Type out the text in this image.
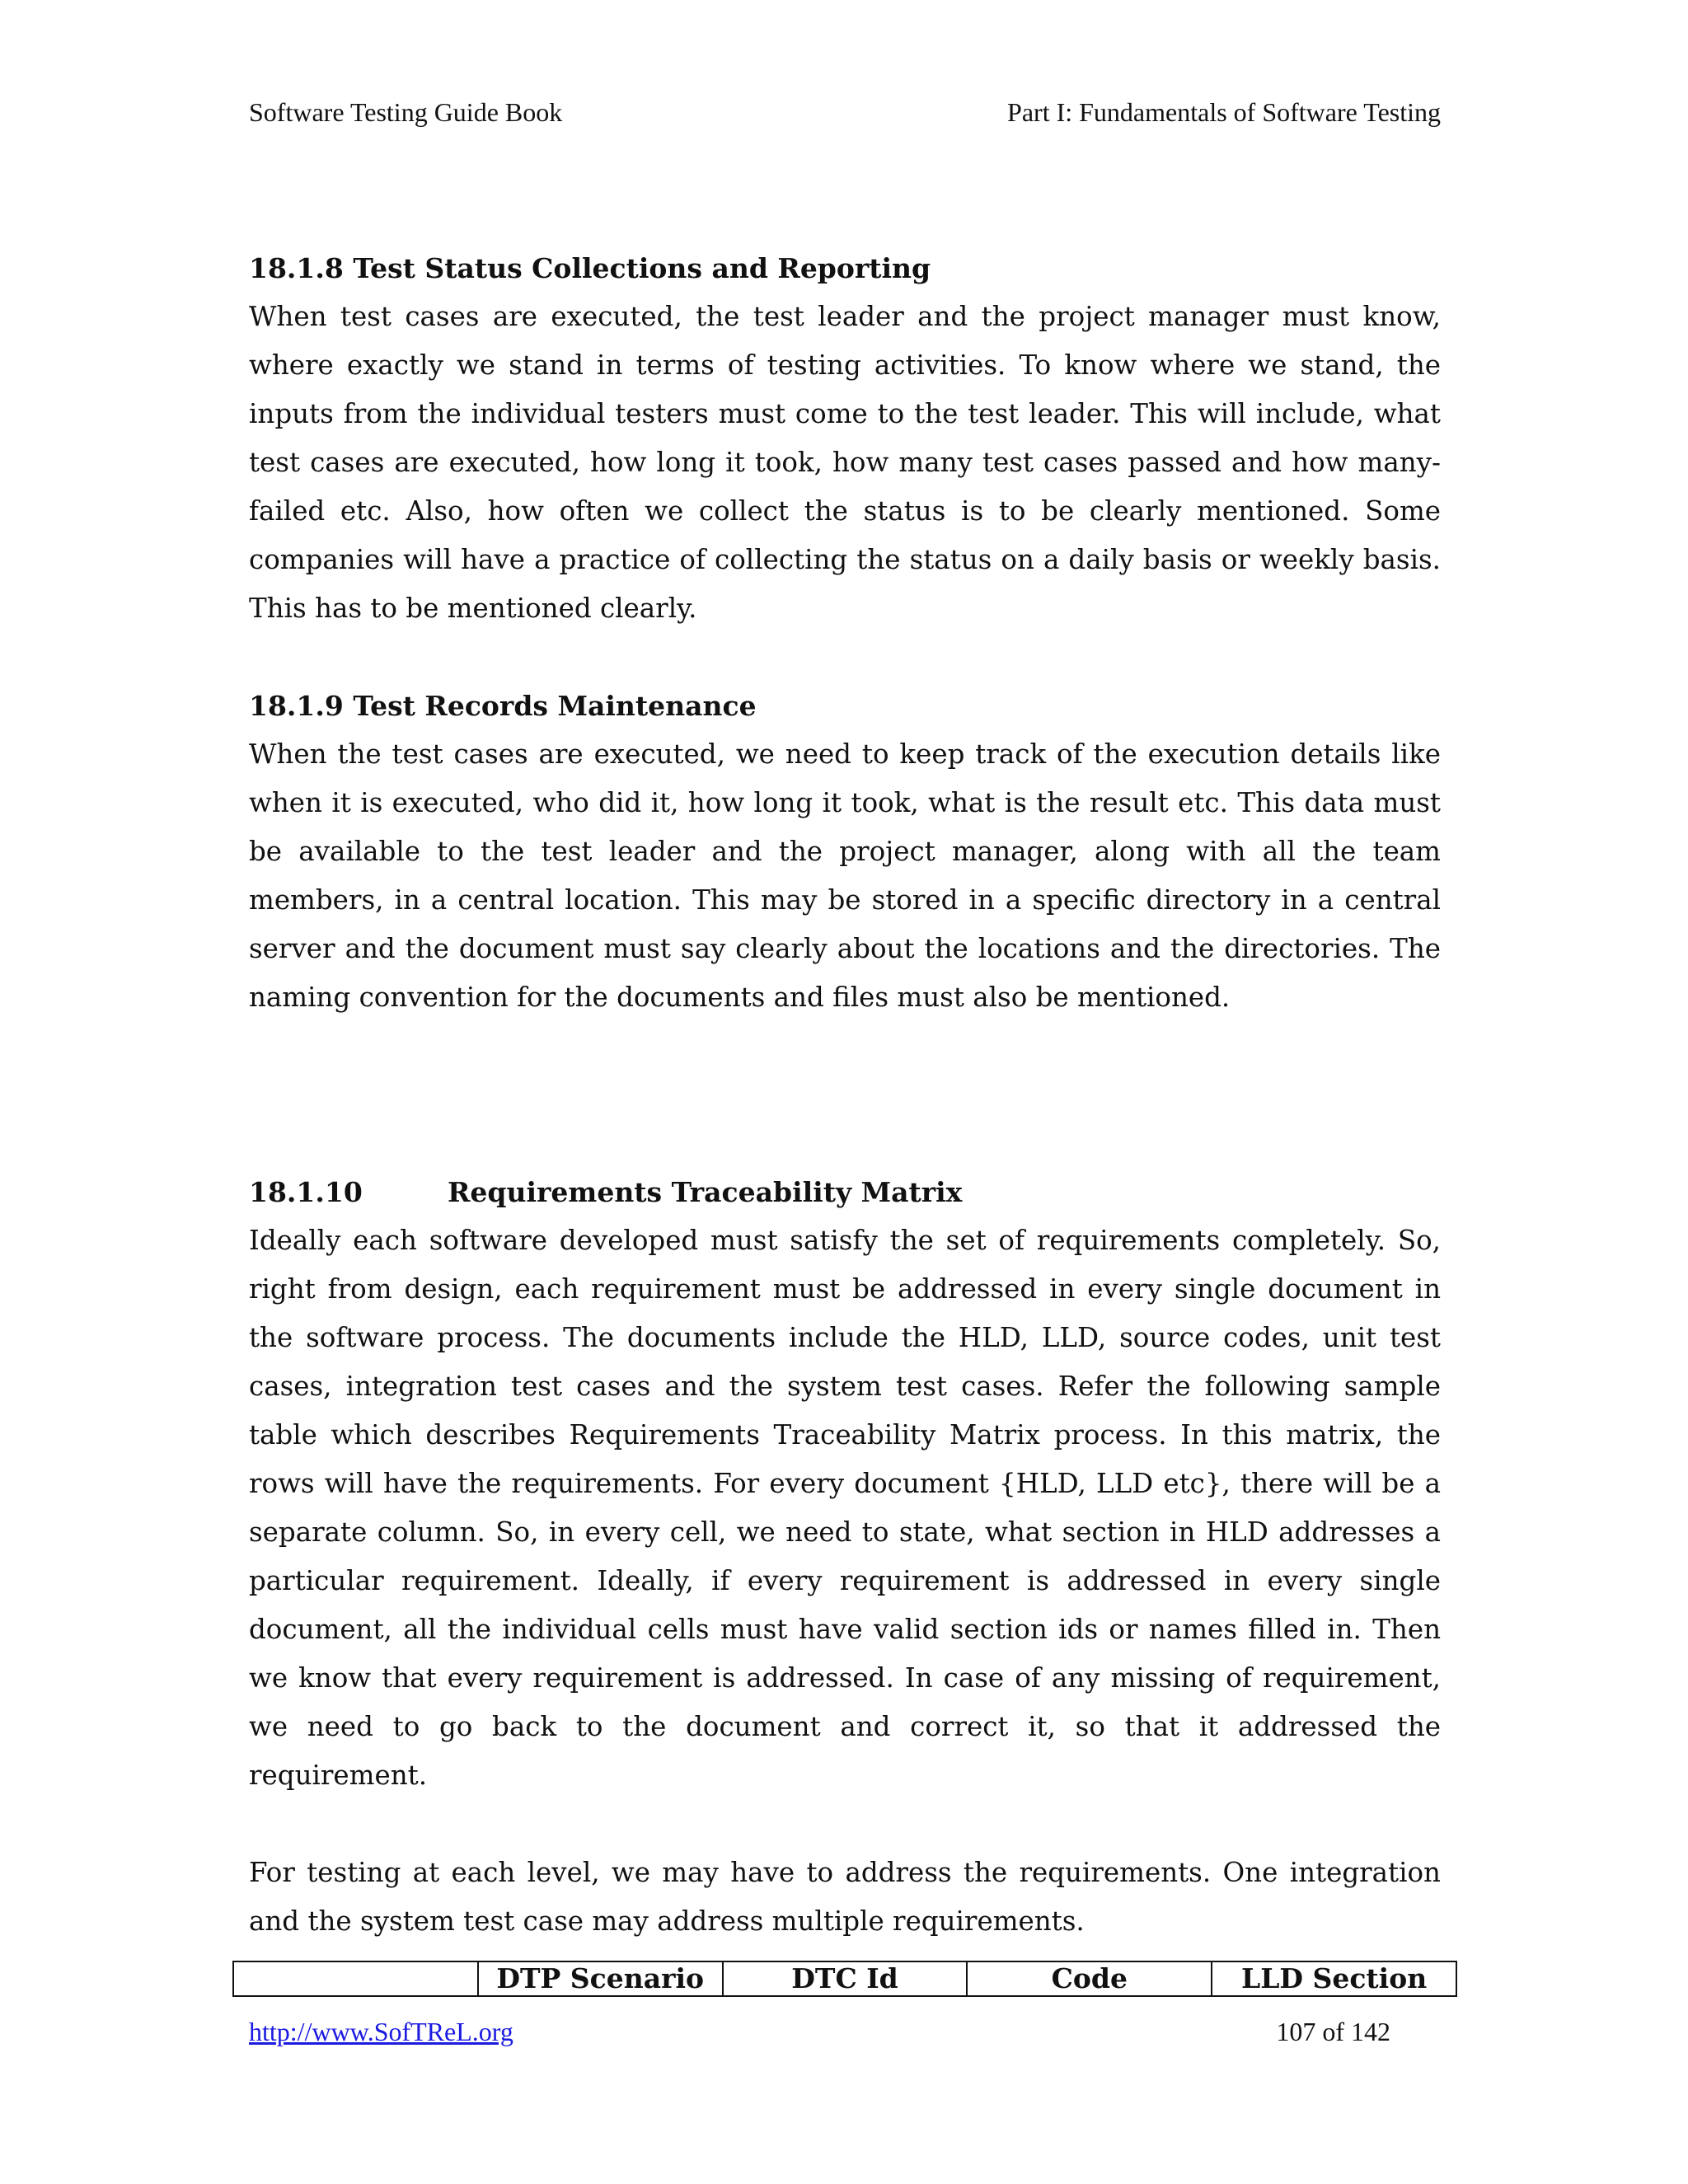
Software Testing Guide Book	Part I: Fundamentals of Software Testing
18.1.8 Test Status Collections and Reporting

When test cases are executed, the test leader and the project manager must know, where exactly we stand in terms of testing activities. To know where we stand, the inputs from the individual testers must come to the test leader. This will include, what test cases are executed, how long it took, how many test cases passed and how many-failed etc. Also, how often we collect the status is to be clearly mentioned. Some companies will have a practice of collecting the status on a daily basis or weekly basis. This has to be mentioned clearly.

18.1.9 Test Records Maintenance

When the test cases are executed, we need to keep track of the execution details like when it is executed, who did it, how long it took, what is the result etc. This data must be available to the test leader and the project manager, along with all the team members, in a central location. This may be stored in a specific directory in a central server and the document must say clearly about the locations and the directories. The naming convention for the documents and files must also be mentioned.

18.1.10	Requirements Traceability Matrix

Ideally each software developed must satisfy the set of requirements completely. So, right from design, each requirement must be addressed in every single document in the software process. The documents include the HLD, LLD, source codes, unit test cases, integration test cases and the system test cases. Refer the following sample table which describes Requirements Traceability Matrix process. In this matrix, the rows will have the requirements. For every document {HLD, LLD etc}, there will be a separate column. So, in every cell, we need to state, what section in HLD addresses a particular requirement. Ideally, if every requirement is addressed in every single document, all the individual cells must have valid section ids or names filled in. Then we know that every requirement is addressed. In case of any missing of requirement, we need to go back to the document and correct it, so that it addressed the requirement.

For testing at each level, we may have to address the requirements. One integration and the system test case may address multiple requirements.

	DTP Scenario	DTC Id	Code	LLD Section
http://www.SofTReL.org	107 of 142
